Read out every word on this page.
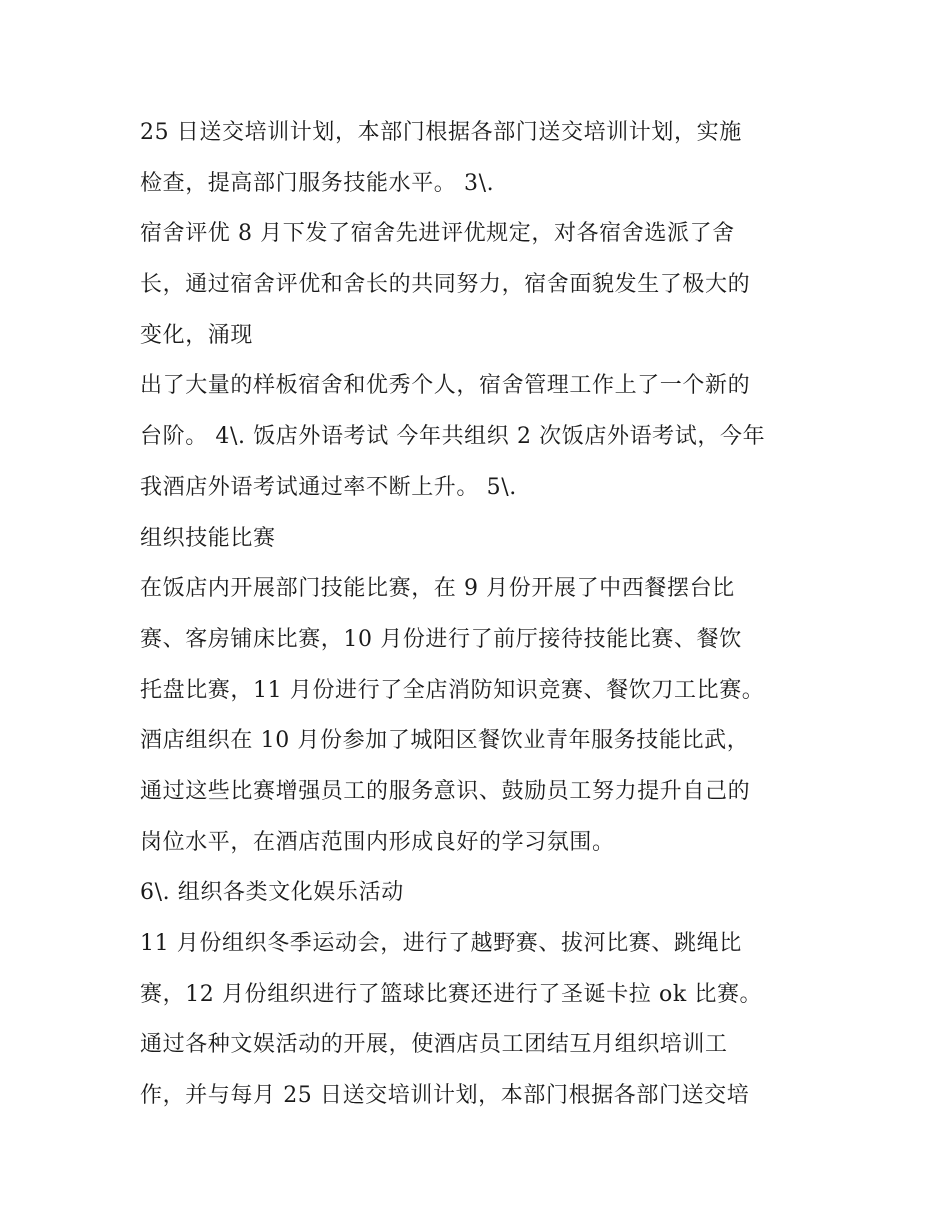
25 日送交培训计划，本部门根据各部门送交培训计划，实施
检查，提高部门服务技能水平。 3\.
宿舍评优 8 月下发了宿舍先进评优规定，对各宿舍选派了舍
长，通过宿舍评优和舍长的共同努力，宿舍面貌发生了极大的
变化，涌现
出了大量的样板宿舍和优秀个人，宿舍管理工作上了一个新的
台阶。 4\. 饭店外语考试 今年共组织 2 次饭店外语考试，今年
我酒店外语考试通过率不断上升。 5\.
组织技能比赛
在饭店内开展部门技能比赛，在 9 月份开展了中西餐摆台比
赛、客房铺床比赛，10 月份进行了前厅接待技能比赛、餐饮
托盘比赛，11 月份进行了全店消防知识竞赛、餐饮刀工比赛。
酒店组织在 10 月份参加了城阳区餐饮业青年服务技能比武，
通过这些比赛增强员工的服务意识、鼓励员工努力提升自己的
岗位水平，在酒店范围内形成良好的学习氛围。
6\. 组织各类文化娱乐活动
11 月份组织冬季运动会，进行了越野赛、拔河比赛、跳绳比
赛，12 月份组织进行了篮球比赛还进行了圣诞卡拉 ok 比赛。
通过各种文娱活动的开展，使酒店员工团结互月组织培训工
作，并与每月 25 日送交培训计划，本部门根据各部门送交培
